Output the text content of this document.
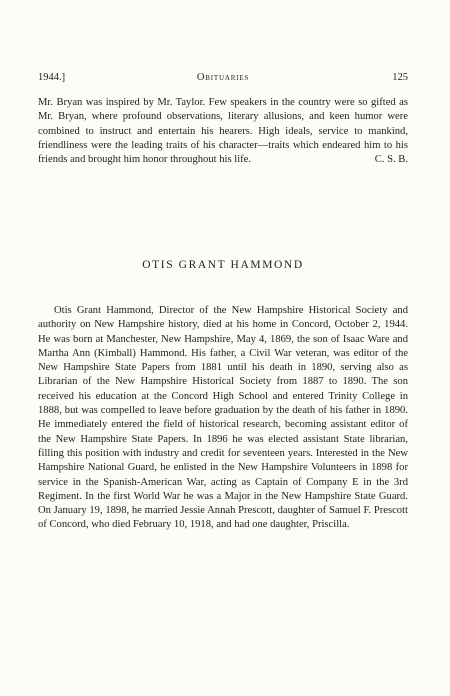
1944.]	Obituaries	125
Mr. Bryan was inspired by Mr. Taylor. Few speakers in the country were so gifted as Mr. Bryan, where profound observations, literary allusions, and keen humor were combined to instruct and entertain his hearers. High ideals, service to mankind, friendliness were the leading traits of his character—traits which endeared him to his friends and brought him honor throughout his life.	C. S. B.
OTIS GRANT HAMMOND
Otis Grant Hammond, Director of the New Hampshire Historical Society and authority on New Hampshire history, died at his home in Concord, October 2, 1944. He was born at Manchester, New Hampshire, May 4, 1869, the son of Isaac Ware and Martha Ann (Kimball) Hammond. His father, a Civil War veteran, was editor of the New Hampshire State Papers from 1881 until his death in 1890, serving also as Librarian of the New Hampshire Historical Society from 1887 to 1890. The son received his education at the Concord High School and entered Trinity College in 1888, but was compelled to leave before graduation by the death of his father in 1890. He immediately entered the field of historical research, becoming assistant editor of the New Hampshire State Papers. In 1896 he was elected assistant State librarian, filling this position with industry and credit for seventeen years. Interested in the New Hampshire National Guard, he enlisted in the New Hampshire Volunteers in 1898 for service in the Spanish-American War, acting as Captain of Company E in the 3rd Regiment. In the first World War he was a Major in the New Hampshire State Guard. On January 19, 1898, he married Jessie Annah Prescott, daughter of Samuel F. Prescott of Concord, who died February 10, 1918, and had one daughter, Priscilla.
